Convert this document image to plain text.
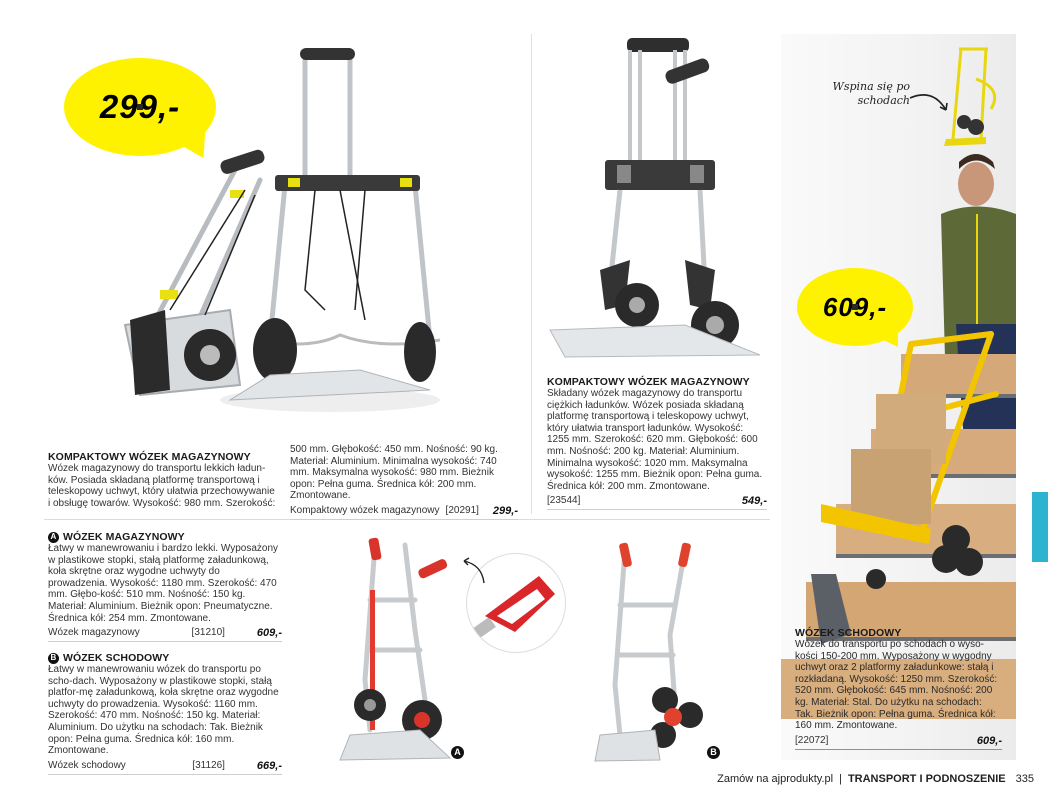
299,-
KOMPAKTOWY WÓZEK MAGAZYNOWY
Wózek magazynowy do transportu lekkich ładun-ków. Posiada składaną platformę transportową i teleskopowy uchwyt, który ułatwia przechowywanie i obsługę towarów. Wysokość: 980 mm. Szerokość:
500 mm. Głębokość: 450 mm. Nośność: 90 kg. Materiał: Aluminium. Minimalna wysokość: 740 mm. Maksymalna wysokość: 980 mm. Bieżnik opon: Pełna guma. Średnica kół: 200 mm. Zmontowane.
Kompaktowy wózek magazynowy [20291] 299,-
KOMPAKTOWY WÓZEK MAGAZYNOWY
Składany wózek magazynowy do transportu ciężkich ładunków. Wózek posiada składaną platformę transportową i teleskopowy uchwyt, który ułatwia transport ładunków. Wysokość: 1255 mm. Szerokość: 620 mm. Głębokość: 600 mm. Nośność: 200 kg. Materiał: Aluminium. Minimalna wysokość: 1020 mm. Maksymalna wysokość: 1255 mm. Bieżnik opon: Pełna guma. Średnica kół: 200 mm. Zmontowane.
[23544]	549,-
A WÓZEK MAGAZYNOWY
Łatwy w manewrowaniu i bardzo lekki. Wyposażony w plastikowe stopki, stałą platformę załadunkową, koła skrętne oraz wygodne uchwyty do prowadzenia. Wysokość: 1180 mm. Szerokość: 470 mm. Głębo-kość: 510 mm. Nośność: 150 kg. Materiał: Aluminium. Bieżnik opon: Pneumatyczne. Średnica kół: 254 mm. Zmontowane.
Wózek magazynowy	[31210]	609,-
B WÓZEK SCHODOWY
Łatwy w manewrowaniu wózek do transportu po scho-dach. Wyposażony w plastikowe stopki, stałą platfor-mę załadunkową, koła skrętne oraz wygodne uchwyty do prowadzenia. Wysokość: 1160 mm. Szerokość: 470 mm. Nośność: 150 kg. Materiał: Aluminium. Do użytku na schodach: Tak. Bieżnik opon: Pełna guma. Średnica kół: 160 mm. Zmontowane.
Wózek schodowy	[31126]	669,-
A	B
Wspina się po
schodach
609,-
WÓZEK SCHODOWY
Wózek do transportu po schodach o wyso-kości 150-200 mm. Wyposażony w wygodny uchwyt oraz 2 platformy załadunkowe: stałą i rozkładaną. Wysokość: 1250 mm. Szerokość: 520 mm. Głębokość: 645 mm. Nośność: 200 kg. Materiał: Stal. Do użytku na schodach: Tak. Bieżnik opon: Pełna guma. Średnica kół: 160 mm. Zmontowane.
[22072]	609,-
Zamów na ajprodukty.pl | TRANSPORT I PODNOSZENIE 335
